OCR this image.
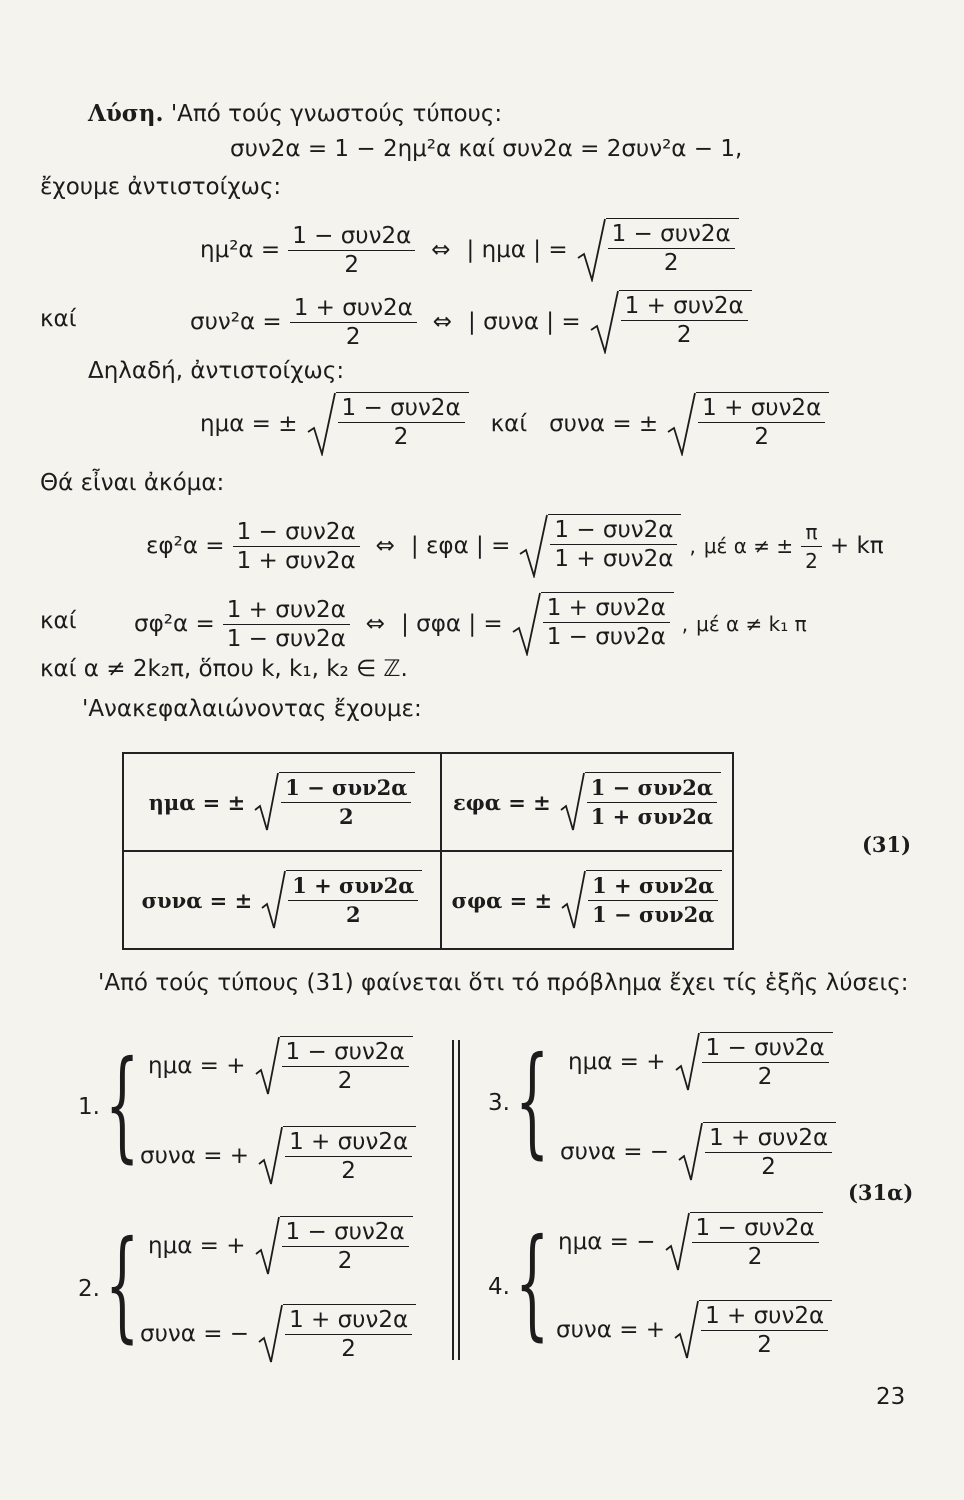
Λύση. 'Από τούς γνωστούς τύπους:
συν2α = 1 − 2ημ²α καί συν2α = 2συν²α − 1,
ἔχουμε ἀντιστοίχως:
$\eta\mu^2\alpha = \frac{\text{1 − συν2α}}{2}$ ⇔ | ημα | = $\frac{\text{1 − συν2α}}{2}$
καί	$\sigma\upsilon\nu^2\alpha = \frac{\text{1 + συν2α}}{2}$ ⇔ | συνα | = $\frac{\text{1 + συν2α}}{2}$
Δηλαδή, ἀντιστοίχως:
ημα = ± $\frac{\text{1 − συν2α}}{2}$ καί συνα = ± $\frac{\text{1 + συν2α}}{2}$
Θά εἶναι ἀκόμα:
$\varepsilon\varphi^2\alpha = \frac{\text{1 − συν2α}}{\text{1 + συν2α}}$ ⇔ | εφα | = $\frac{\text{1 − συν2α}}{\text{1 + συν2α}}$ , μέ α ≠ ± $\frac{\pi}{2} + k\pi$
καί	$\sigma\varphi^2\alpha = \frac{\text{1 + συν2α}}{\text{1 − συν2α}}$ ⇔ | σφα | = $\frac{\text{1 + συν2α}}{\text{1 − συν2α}}$ , μέ α ≠ k₁ π
καί α ≠ 2k₂π, ὅπου k, k₁, k₂ ∈ ℤ.
'Ανακεφαλαιώνοντας ἔχουμε:
ημα = ± $\frac{\text{1 − συν2α}}{2}$	εφα = ± $\frac{\text{1 − συν2α}}{\text{1 + συν2α}}$

συνα = ± $\frac{\text{1 + συν2α}}{2}$	σφα = ± $\frac{\text{1 + συν2α}}{\text{1 − συν2α}}$
(31)
'Από τούς τύπους (31) φαίνεται ὅτι τό πρόβλημα ἔχει τίς ἑξῆς λύσεις:
1. { ημα = + $\frac{\text{1 − συν2α}}{2}$
συνα = + $\frac{\text{1 + συν2α}}{2}$
3. { ημα = + $\frac{\text{1 − συν2α}}{2}$
συνα = − $\frac{\text{1 + συν2α}}{2}$
(31α)
2. { ημα = + $\frac{\text{1 − συν2α}}{2}$
συνα = − $\frac{\text{1 + συν2α}}{2}$
4. { ημα = − $\frac{\text{1 − συν2α}}{2}$
συνα = + $\frac{\text{1 + συν2α}}{2}$
23
